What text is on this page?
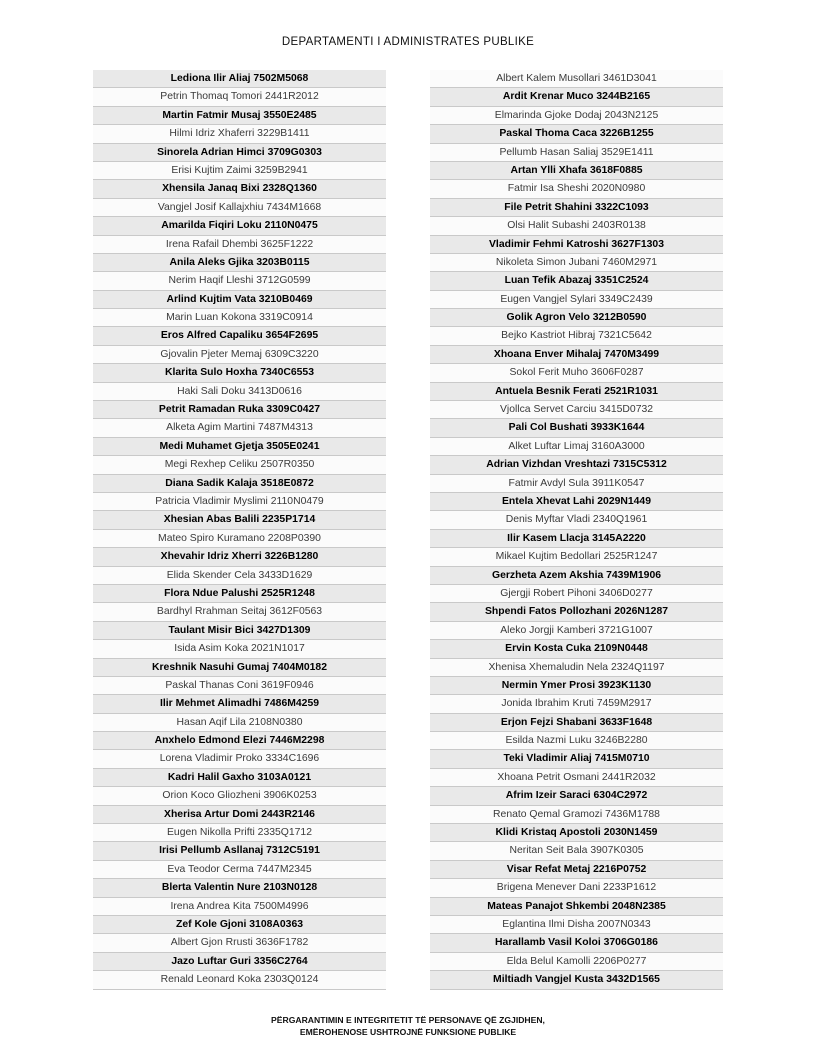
DEPARTAMENTI I ADMINISTRATES PUBLIKE
Lediona Ilir Aliaj 7502M5068
Petrin Thomaq Tomori 2441R2012
Martin Fatmir Musaj 3550E2485
Hilmi Idriz Xhaferri 3229B1411
Sinorela Adrian Himci 3709G0303
Erisi Kujtim Zaimi 3259B2941
Xhensila Janaq Bixi 2328Q1360
Vangjel Josif Kallajxhiu 7434M1668
Amarilda Fiqiri Loku 2110N0475
Irena Rafail Dhembi 3625F1222
Anila Aleks Gjika 3203B0115
Nerim Haqif Lleshi 3712G0599
Arlind Kujtim Vata 3210B0469
Marin Luan Kokona 3319C0914
Eros Alfred Capaliku 3654F2695
Gjovalin Pjeter Memaj 6309C3220
Klarita Sulo Hoxha 7340C6553
Haki Sali Doku 3413D0616
Petrit Ramadan Ruka 3309C0427
Alketa Agim Martini 7487M4313
Medi Muhamet Gjetja 3505E0241
Megi Rexhep Celiku 2507R0350
Diana Sadik Kalaja 3518E0872
Patricia Vladimir Myslimi 2110N0479
Xhesian Abas Balili 2235P1714
Mateo Spiro Kuramano 2208P0390
Xhevahir Idriz Xherri 3226B1280
Elida Skender Cela 3433D1629
Flora Ndue Palushi 2525R1248
Bardhyl Rrahman Seitaj 3612F0563
Taulant Misir Bici 3427D1309
Isida Asim Koka 2021N1017
Kreshnik Nasuhi Gumaj 7404M0182
Paskal Thanas Coni 3619F0946
Ilir Mehmet Alimadhi 7486M4259
Hasan Aqif Lila 2108N0380
Anxhelo Edmond Elezi 7446M2298
Lorena Vladimir Proko 3334C1696
Kadri Halil Gaxho 3103A0121
Orion Koco Gliozheni 3906K0253
Xherisa Artur Domi 2443R2146
Eugen Nikolla Prifti 2335Q1712
Irisi Pellumb Asllanaj 7312C5191
Eva Teodor Cerma 7447M2345
Blerta Valentin Nure 2103N0128
Irena Andrea Kita 7500M4996
Zef Kole Gjoni 3108A0363
Albert Gjon Rrusti 3636F1782
Jazo Luftar Guri 3356C2764
Renald Leonard Koka 2303Q0124
Albert Kalem Musollari 3461D3041
Ardit Krenar Muco 3244B2165
Elmarinda Gjoke Dodaj 2043N2125
Paskal Thoma Caca 3226B1255
Pellumb Hasan Saliaj 3529E1411
Artan Ylli Xhafa 3618F0885
Fatmir Isa Sheshi 2020N0980
File Petrit Shahini 3322C1093
Olsi Halit Subashi 2403R0138
Vladimir Fehmi Katroshi 3627F1303
Nikoleta Simon Jubani 7460M2971
Luan Tefik Abazaj 3351C2524
Eugen Vangjel Sylari 3349C2439
Golik Agron Velo 3212B0590
Bejko Kastriot Hibraj 7321C5642
Xhoana Enver Mihalaj 7470M3499
Sokol Ferit Muho 3606F0287
Antuela Besnik Ferati 2521R1031
Vjollca Servet Carciu 3415D0732
Pali Col Bushati 3933K1644
Alket Luftar Limaj 3160A3000
Adrian Vizhdan Vreshtazi 7315C5312
Fatmir Avdyl Sula 3911K0547
Entela Xhevat Lahi 2029N1449
Denis Myftar Vladi 2340Q1961
Ilir Kasem Llacja 3145A2220
Mikael Kujtim Bedollari 2525R1247
Gerzheta Azem Akshia 7439M1906
Gjergji Robert Pihoni 3406D0277
Shpendi Fatos Pollozhani 2026N1287
Aleko Jorgji Kamberi 3721G1007
Ervin Kosta Cuka 2109N0448
Xhenisa Xhemaludin Nela 2324Q1197
Nermin Ymer Prosi 3923K1130
Jonida Ibrahim Kruti 7459M2917
Erjon Fejzi Shabani 3633F1648
Esilda Nazmi Luku 3246B2280
Teki Vladimir Aliaj 7415M0710
Xhoana Petrit Osmani 2441R2032
Afrim Izeir Saraci 6304C2972
Renato Qemal Gramozi 7436M1788
Klidi Kristaq Apostoli 2030N1459
Neritan Seit Bala 3907K0305
Visar Refat Metaj 2216P0752
Brigena Menever Dani 2233P1612
Mateas Panajot Shkembi 2048N2385
Eglantina Ilmi Disha 2007N0343
Harallamb Vasil Koloi 3706G0186
Elda Belul Kamolli 2206P0277
Miltiadh Vangjel Kusta 3432D1565
PËRGARANTIMIN E INTEGRITETIT TË PERSONAVE QË ZGJIDHEN,
EMËROHENOSE USHTROJNË FUNKSIONE PUBLIKE
